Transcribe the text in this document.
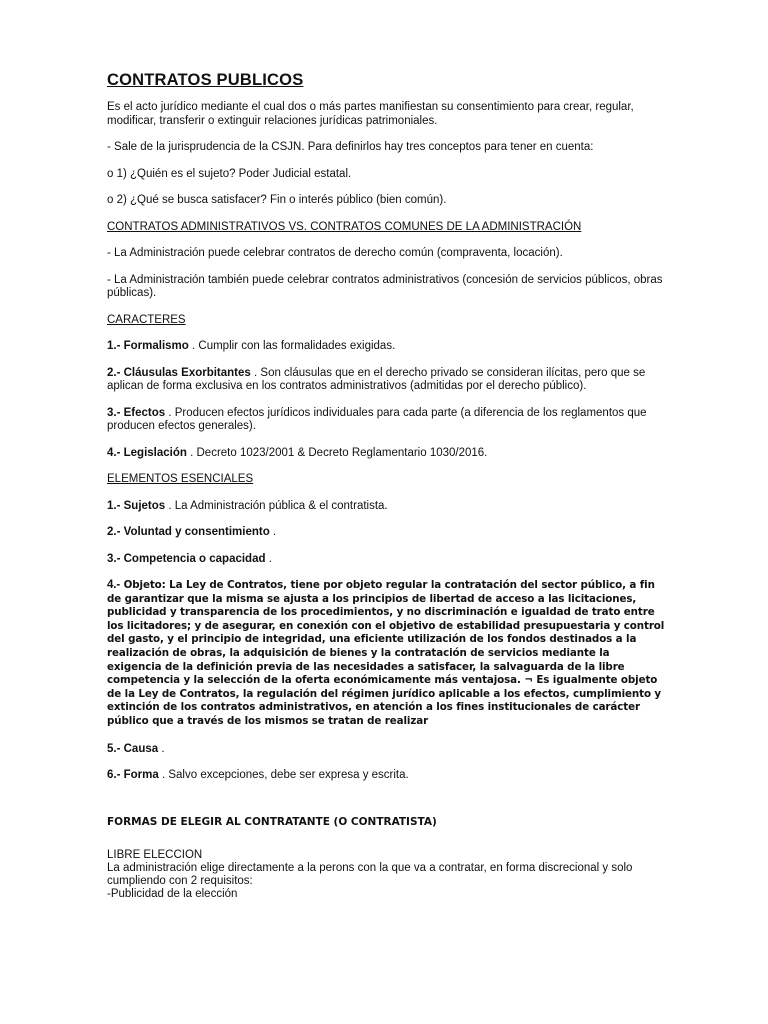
CONTRATOS PUBLICOS

Es el acto jurídico mediante el cual dos o más partes manifiestan su consentimiento para crear, regular, modificar, transferir o extinguir relaciones jurídicas patrimoniales.

- Sale de la jurisprudencia de la CSJN. Para definirlos hay tres conceptos para tener en cuenta:

o 1) ¿Quién es el sujeto? Poder Judicial estatal.

o 2) ¿Qué se busca satisfacer? Fin o interés público (bien común).

CONTRATOS ADMINISTRATIVOS VS. CONTRATOS COMUNES DE LA ADMINISTRACIÓN

- La Administración puede celebrar contratos de derecho común (compraventa, locación).

- La Administración también puede celebrar contratos administrativos (concesión de servicios públicos, obras públicas).

CARACTERES

1.- Formalismo . Cumplir con las formalidades exigidas.

2.- Cláusulas Exorbitantes . Son cláusulas que en el derecho privado se consideran ilícitas, pero que se aplican de forma exclusiva en los contratos administrativos (admitidas por el derecho público).

3.- Efectos . Producen efectos jurídicos individuales para cada parte (a diferencia de los reglamentos que producen efectos generales).

4.- Legislación . Decreto 1023/2001 & Decreto Reglamentario 1030/2016.

ELEMENTOS ESENCIALES

1.- Sujetos . La Administración pública & el contratista.

2.- Voluntad y consentimiento .

3.- Competencia o capacidad .

4.- Objeto: La Ley de Contratos, tiene por objeto regular la contratación del sector público, a fin de garantizar que la misma se ajusta a los principios de libertad de acceso a las licitaciones, publicidad y transparencia de los procedimientos, y no discriminación e igualdad de trato entre los licitadores; y de asegurar, en conexión con el objetivo de estabilidad presupuestaria y control del gasto, y el principio de integridad, una eficiente utilización de los fondos destinados a la realización de obras, la adquisición de bienes y la contratación de servicios mediante la exigencia de la definición previa de las necesidades a satisfacer, la salvaguarda de la libre competencia y la selección de la oferta económicamente más ventajosa. ¬ Es igualmente objeto de la Ley de Contratos, la regulación del régimen jurídico aplicable a los efectos, cumplimiento y extinción de los contratos administrativos, en atención a los fines institucionales de carácter público que a través de los mismos se tratan de realizar

5.- Causa .

6.- Forma . Salvo excepciones, debe ser expresa y escrita.

FORMAS DE ELEGIR AL CONTRATANTE (O CONTRATISTA)

LIBRE ELECCION

La administración elige directamente a la perons con la que va a contratar, en forma discrecional y solo cumpliendo con 2 requisitos:

-Publicidad de la elección
